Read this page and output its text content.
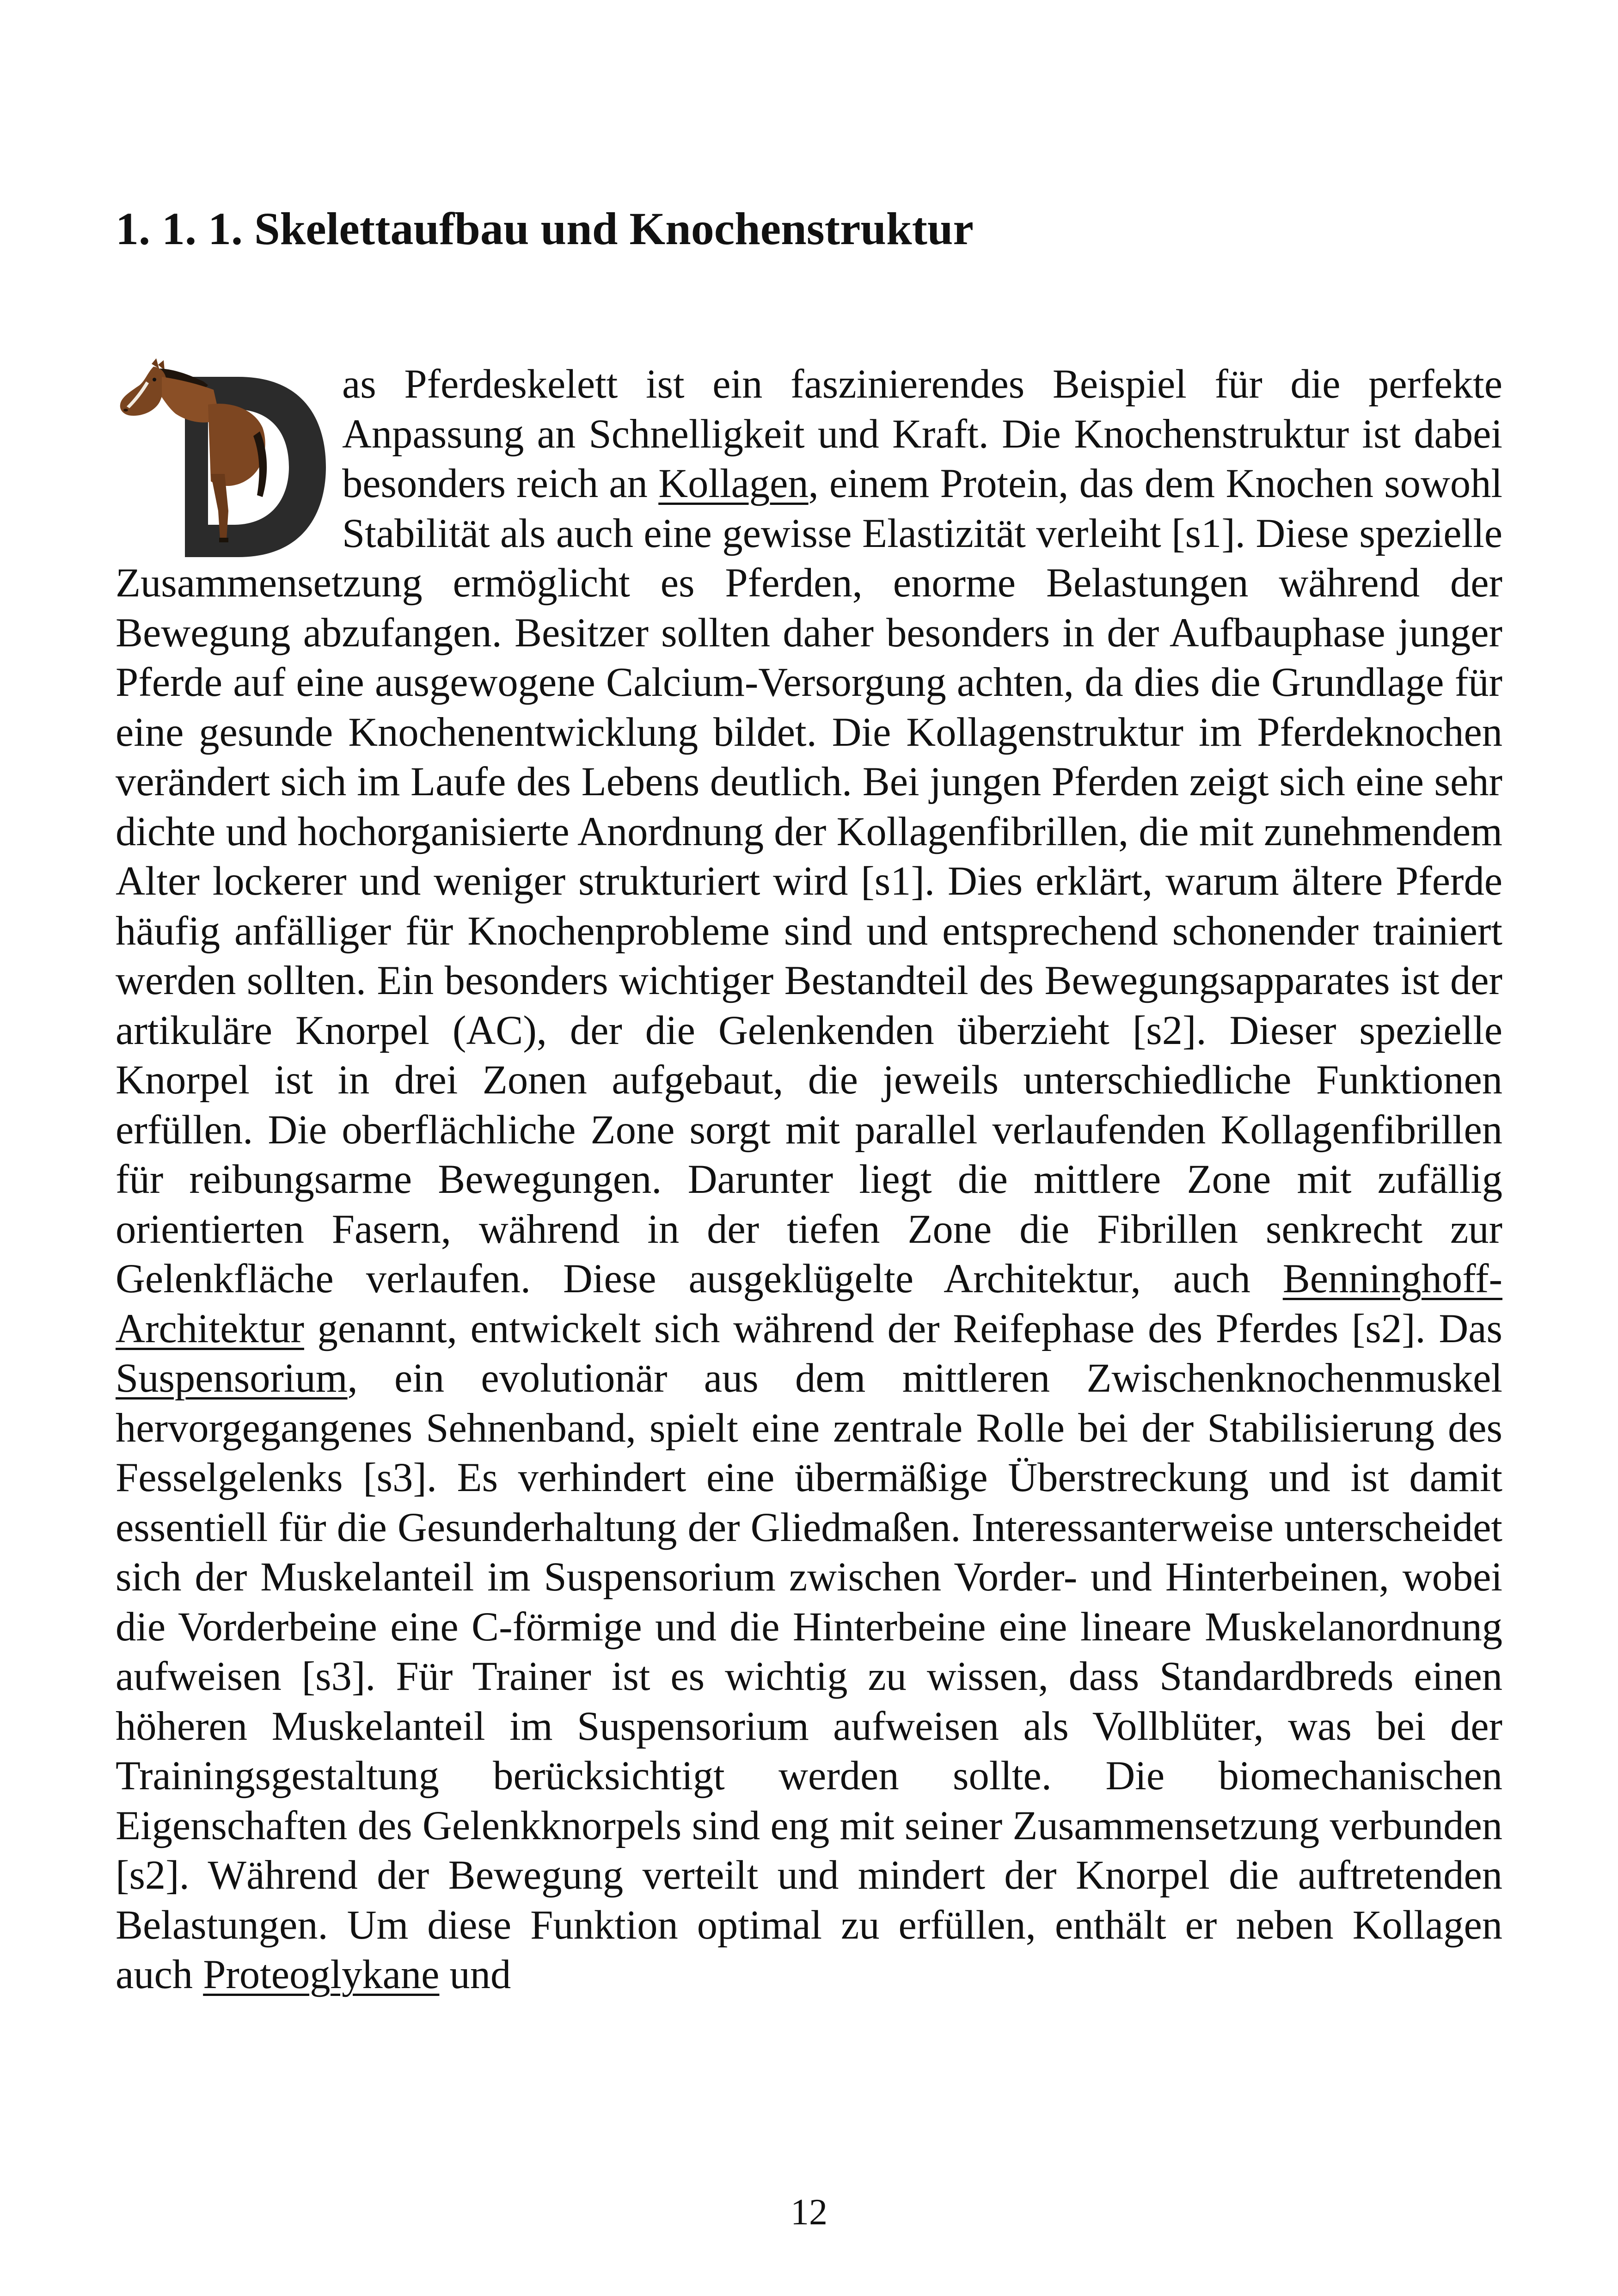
1. 1. 1. Skelettaufbau und Knochenstruktur

as Pferdeskelett ist ein faszinierendes Beispiel für die perfekte Anpassung an Schnelligkeit und Kraft. Die Knochenstruktur ist dabei besonders reich an Kollagen, einem Protein, das dem Knochen sowohl Stabilität als auch eine gewisse Elastizität verleiht [s1]. Diese spezielle Zusammensetzung ermöglicht es Pferden, enorme Belastungen während der Bewegung abzufangen. Besitzer sollten daher besonders in der Aufbauphase junger Pferde auf eine ausgewogene Calcium-Versorgung achten, da dies die Grundlage für eine gesunde Knochenentwicklung bildet. Die Kollagenstruktur im Pferdeknochen verändert sich im Laufe des Lebens deutlich. Bei jungen Pferden zeigt sich eine sehr dichte und hochorganisierte Anordnung der Kollagenfibrillen, die mit zunehmendem Alter lockerer und weniger strukturiert wird [s1]. Dies erklärt, warum ältere Pferde häufig anfälliger für Knochenprobleme sind und entsprechend schonender trainiert werden sollten. Ein besonders wichtiger Bestandteil des Bewegungsapparates ist der artikuläre Knorpel (AC), der die Gelenkenden überzieht [s2]. Dieser spezielle Knorpel ist in drei Zonen aufgebaut, die jeweils unterschiedliche Funktionen erfüllen. Die oberflächliche Zone sorgt mit parallel verlaufenden Kollagenfibrillen für reibungsarme Bewegungen. Darunter liegt die mittlere Zone mit zufällig orientierten Fasern, während in der tiefen Zone die Fibrillen senkrecht zur Gelenkfläche verlaufen. Diese ausgeklügelte Architektur, auch Benninghoff-Architektur genannt, entwickelt sich während der Reifephase des Pferdes [s2]. Das Suspensorium, ein evolutionär aus dem mittleren Zwischenknochenmuskel hervorgegangenes Sehnenband, spielt eine zentrale Rolle bei der Stabilisierung des Fesselgelenks [s3]. Es verhindert eine übermäßige Überstreckung und ist damit essentiell für die Gesunderhaltung der Gliedmaßen. Interessanterweise unterscheidet sich der Muskelanteil im Suspensorium zwischen Vorder- und Hinterbeinen, wobei die Vorderbeine eine C-förmige und die Hinterbeine eine lineare Muskelanordnung aufweisen [s3]. Für Trainer ist es wichtig zu wissen, dass Standardbreds einen höheren Muskelanteil im Suspensorium aufweisen als Vollblüter, was bei der Trainingsgestaltung berücksichtigt werden sollte. Die biomechanischen Eigenschaften des Gelenkknorpels sind eng mit seiner Zusammensetzung verbunden [s2]. Während der Bewegung verteilt und mindert der Knorpel die auftretenden Belastungen. Um diese Funktion optimal zu erfüllen, enthält er neben Kollagen auch Proteoglykane und

12
